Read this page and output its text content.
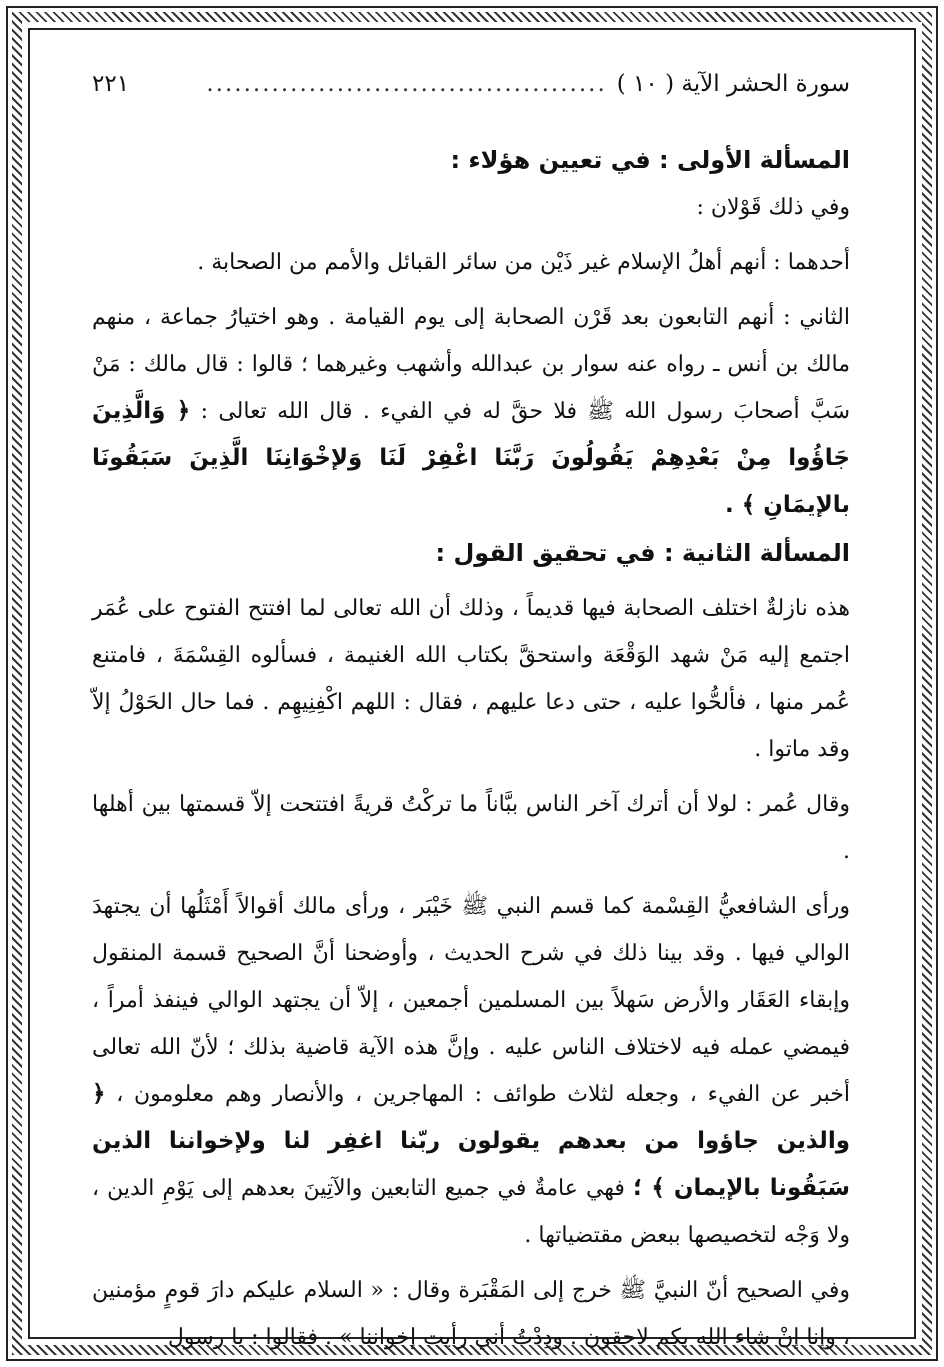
سورة الحشر الآية ( ١٠ )
...........................................
٢٢١
المسألة الأولى : في تعيين هؤلاء :

وفي ذلك قَوْلان :

أحدهما : أنهم أهلُ الإسلام غير ذَيْن من سائر القبائل والأمم من الصحابة .

الثاني : أنهم التابعون بعد قَرْن الصحابة إلى يوم القيامة . وهو اختيارُ جماعة ، منهم مالك بن أنس ـ رواه عنه سوار بن عبدالله وأشهب وغيرهما ؛ قالوا : قال مالك : مَنْ سَبَّ أصحابَ رسول الله ﷺ فلا حقَّ له في الفيء . قال الله تعالى : ﴿ وَالَّذِينَ جَاؤُوا مِنْ بَعْدِهِمْ يَقُولُونَ رَبَّنَا اغْفِرْ لَنَا وَلإخْوَانِنَا الَّذِينَ سَبَقُونَا بالإيمَانِ ﴾ .

المسألة الثانية : في تحقيق القول :

هذه نازلةٌ اختلف الصحابة فيها قديماً ، وذلك أن الله تعالى لما افتتح الفتوح على عُمَر اجتمع إليه مَنْ شهد الوَقْعَة واستحقَّ بكتاب الله الغنيمة ، فسألوه القِسْمَةَ ، فامتنع عُمر منها ، فألحُّوا عليه ، حتى دعا عليهم ، فقال : اللهم اكْفِنِيهِم . فما حال الحَوْلُ إلاّ وقد ماتوا .

وقال عُمر : لولا أن أترك آخر الناس ببَّاناً ما تركْتُ قريةً افتتحت إلاّ قسمتها بين أهلها .

ورأى الشافعيُّ القِسْمة كما قسم النبي ﷺ خَيْبَر ، ورأى مالك أقوالاً أَمْثَلُها أن يجتهدَ الوالي فيها . وقد بينا ذلك في شرح الحديث ، وأوضحنا أنَّ الصحيح قسمة المنقول وإبقاء العَقَار والأرض سَهلاً بين المسلمين أجمعين ، إلاّ أن يجتهد الوالي فينفذ أمراً ، فيمضي عمله فيه لاختلاف الناس عليه . وإنَّ هذه الآية قاضية بذلك ؛ لأنّ الله تعالى أخبر عن الفيء ، وجعله لثلاث طوائف : المهاجرين ، والأنصار وهم معلومون ، ﴿ والذين جاؤوا من بعدهم يقولون ربّنا اغفِر لنا ولإخواننا الذين سَبَقُونا بالإيمان ﴾ ؛ فهي عامةٌ في جميع التابعين والآتِينَ بعدهم إلى يَوْمِ الدين ، ولا وَجْه لتخصيصها ببعض مقتضياتها .

وفي الصحيح أنّ النبيَّ ﷺ خرج إلى المَقْبَرة وقال : « السلام عليكم دارَ قومٍ مؤمنين ، وإنا إنْ شاء الله بكم لاحقون . ودِدْتُ أني رأيت إخواننا » . فقالوا : يا رسول
